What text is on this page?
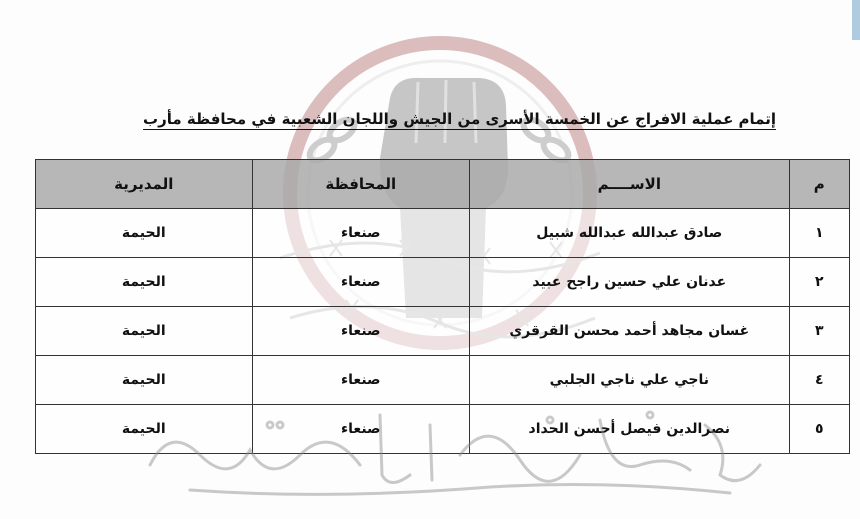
إتمام عملية الافراج عن الخمسة الأسرى من الجيش واللجان الشعبية في محافظة مأرب
م	الاســــم	المحافظة	المديرية
١	صادق عبدالله عبدالله شبيل	صنعاء	الحيمة
٢	عدنان علي حسين راجح عبيد	صنعاء	الحيمة
٣	غسان مجاهد أحمد محسن القرقري	صنعاء	الحيمة
٤	ناجي علي ناجي الجلبي	صنعاء	الحيمة
٥	نصرالدين فيصل أحسن الحداد	صنعاء	الحيمة
